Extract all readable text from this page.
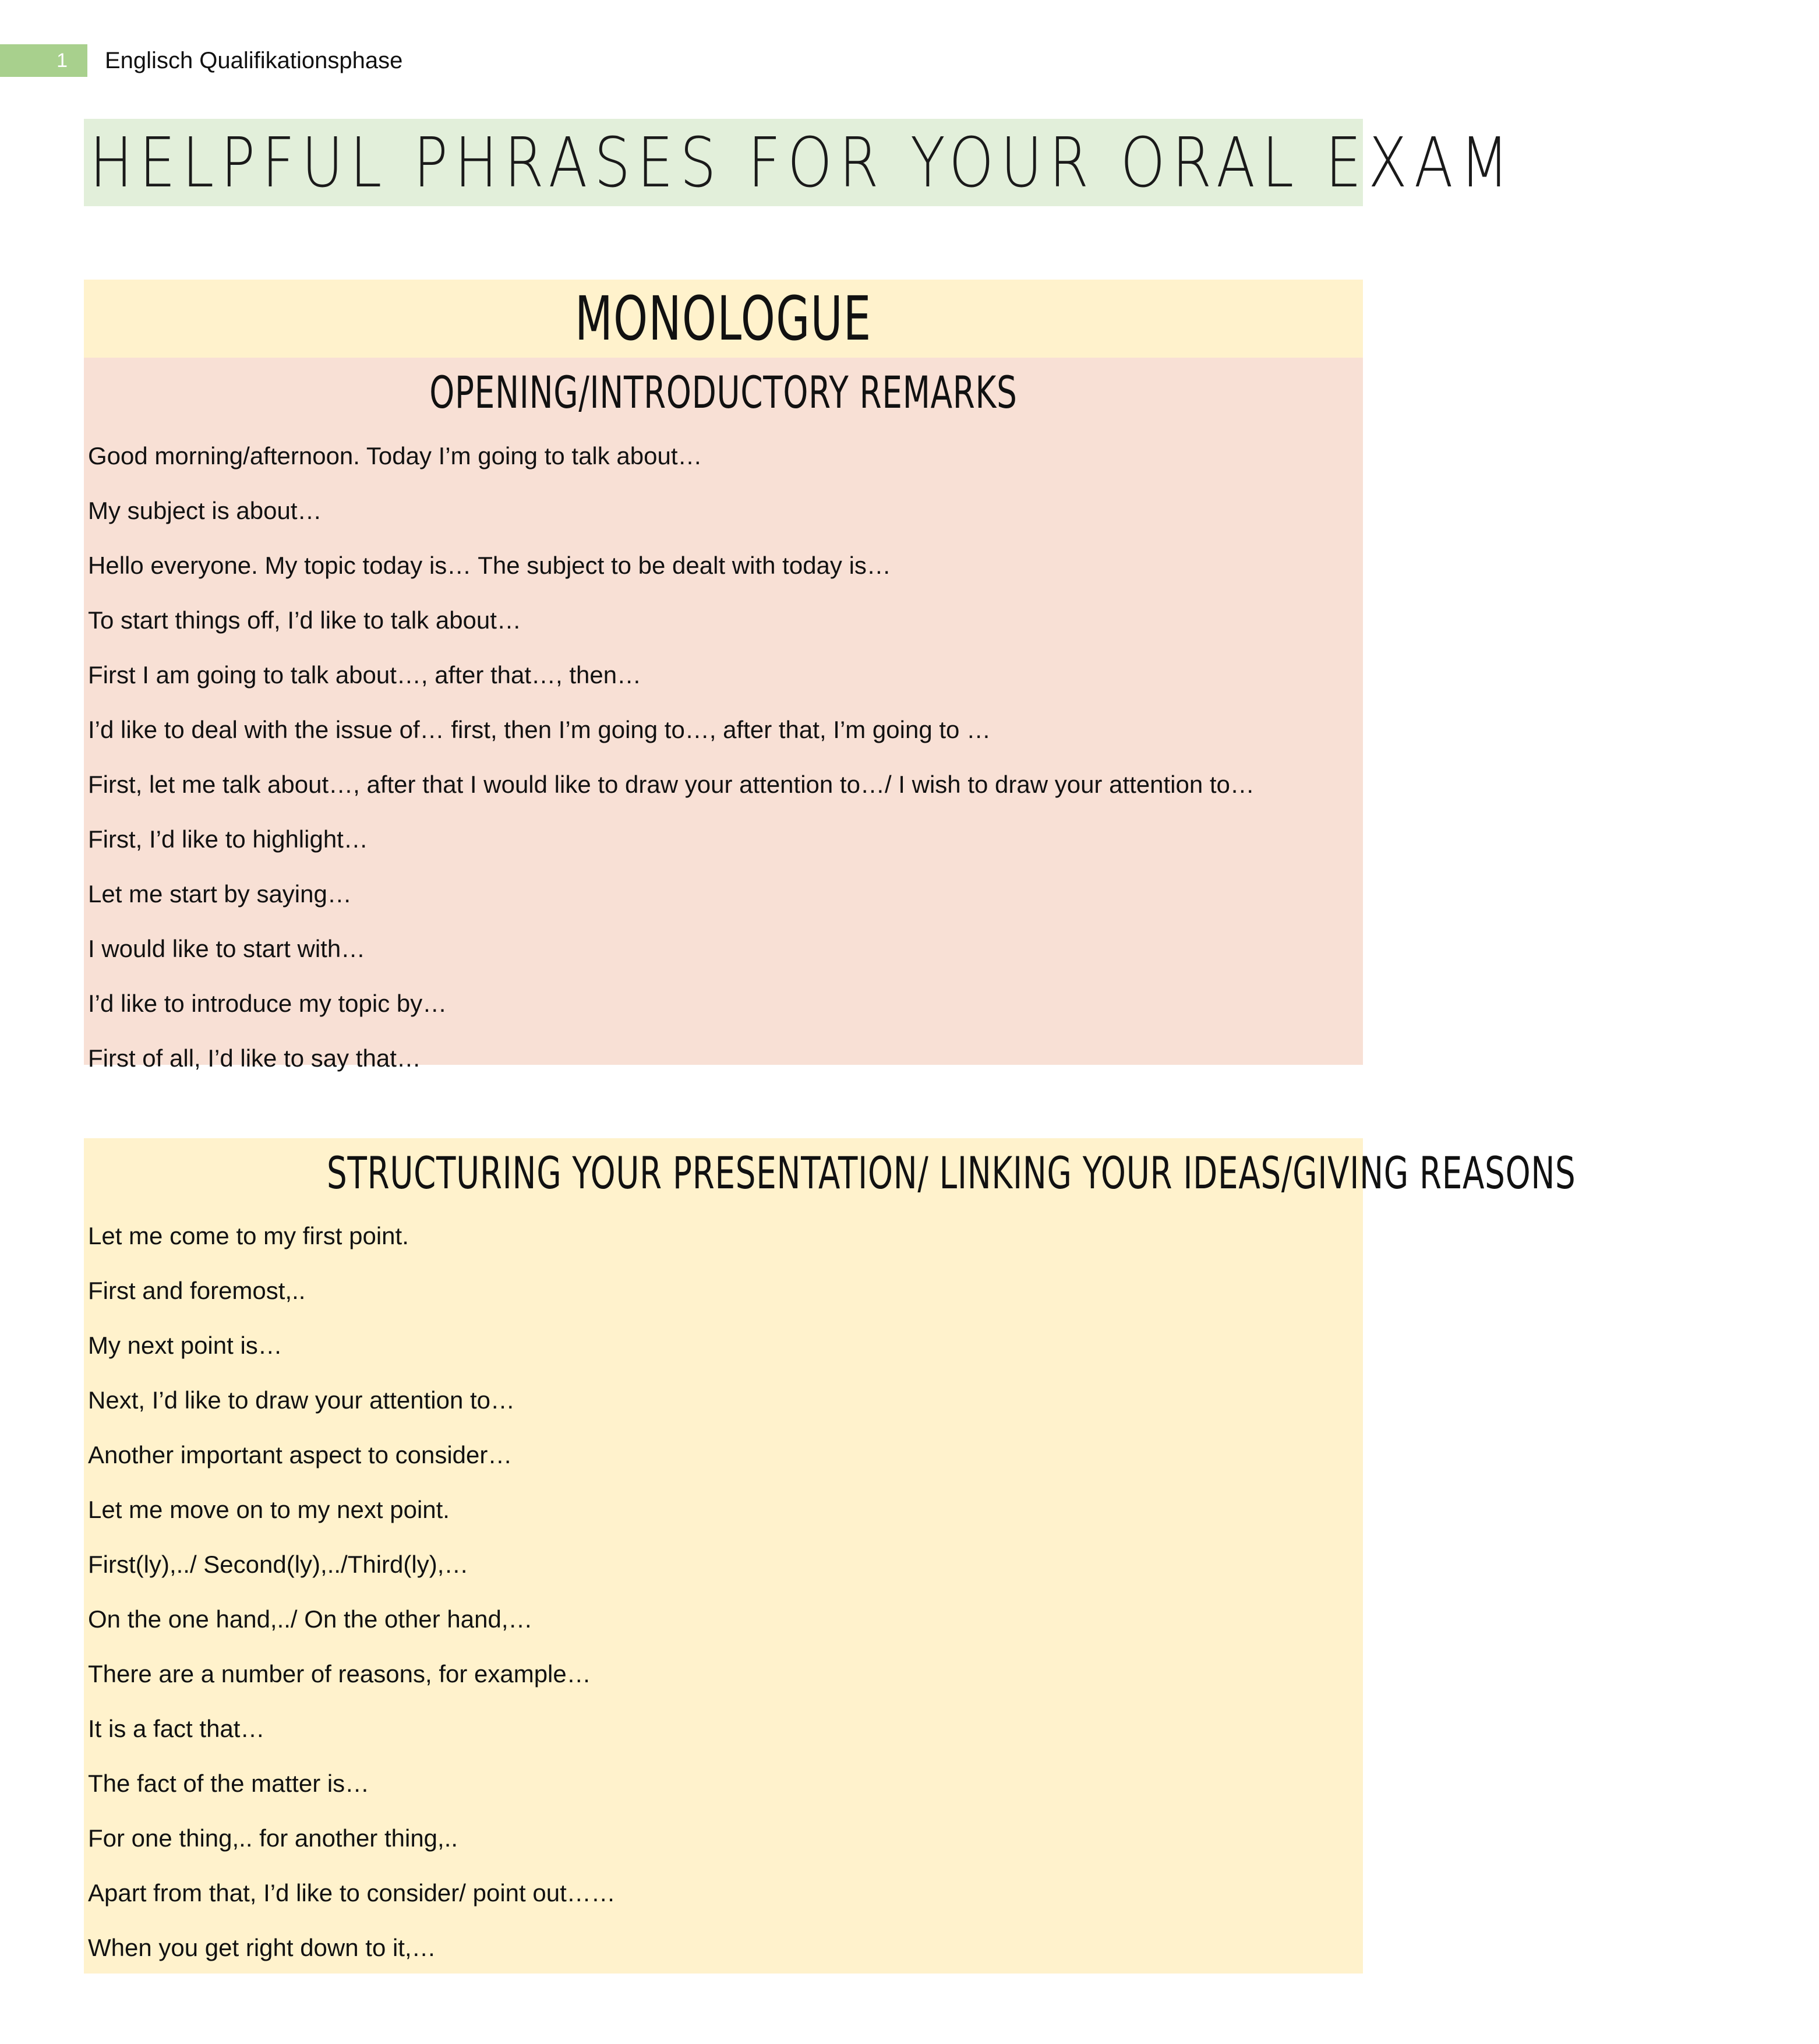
1	Englisch Qualifikationsphase
HELPFUL PHRASES FOR YOUR ORAL EXAM
MONOLOGUE
OPENING/INTRODUCTORY REMARKS
Good morning/afternoon. Today I’m going to talk about…
My subject is about…
Hello everyone. My topic today is… The subject to be dealt with today is…
To start things off, I’d like to talk about…
First I am going to talk about…, after that…, then…
I’d like to deal with the issue of… first, then I’m going to…, after that, I’m going to …
First, let me talk about…, after that I would like to draw your attention to…/ I wish to draw your attention to…
First, I’d like to highlight…
Let me start by saying…
I would like to start with…
I’d like to introduce my topic by…
First of all, I’d like to say that…
STRUCTURING YOUR PRESENTATION/ LINKING YOUR IDEAS/GIVING REASONS
Let me come to my first point.
First and foremost,..
My next point is…
Next, I’d like to draw your attention to…
Another important aspect to consider…
Let me move on to my next point.
First(ly),../ Second(ly),../Third(ly),…
On the one hand,../ On the other hand,…
There are a number of reasons, for example…
It is a fact that…
The fact of the matter is…
For one thing,.. for another thing,..
Apart from that, I’d like to consider/ point out……
When you get right down to it,…
